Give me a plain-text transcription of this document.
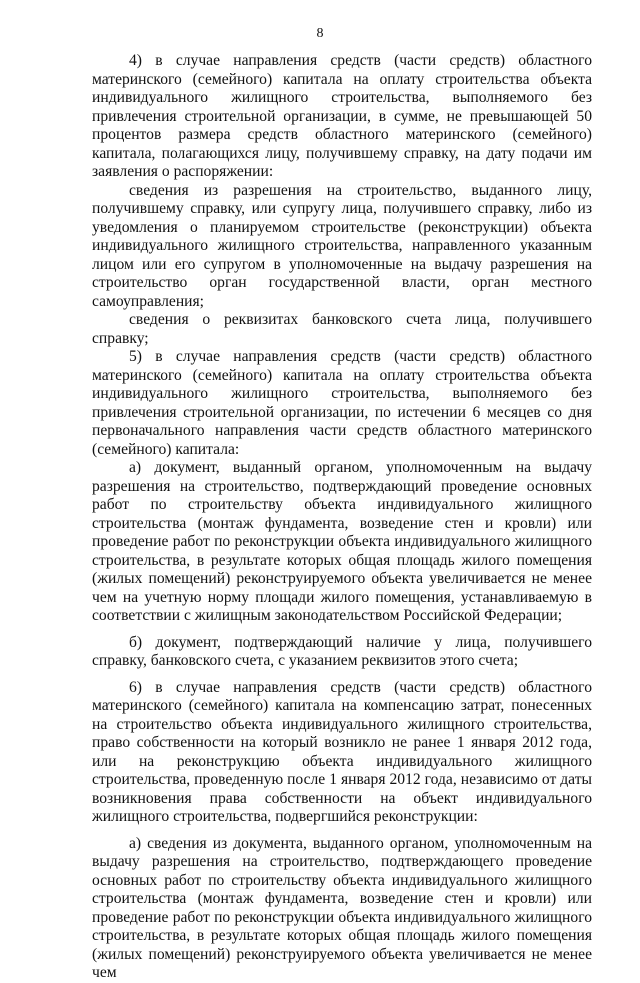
8

4) в случае направления средств (части средств) областного материнского (семейного) капитала на оплату строительства объекта индивидуального жилищного строительства, выполняемого без привлечения строительной организации, в сумме, не превышающей 50 процентов размера средств областного материнского (семейного) капитала, полагающихся лицу, получившему справку, на дату подачи им заявления о распоряжении:

сведения из разрешения на строительство, выданного лицу, получившему справку, или супругу лица, получившего справку, либо из уведомления о планируемом строительстве (реконструкции) объекта индивидуального жилищного строительства, направленного указанным лицом или его супругом в уполномоченные на выдачу разрешения на строительство орган государственной власти, орган местного самоуправления;

сведения о реквизитах банковского счета лица, получившего справку;

5) в случае направления средств (части средств) областного материнского (семейного) капитала на оплату строительства объекта индивидуального жилищного строительства, выполняемого без привлечения строительной организации, по истечении 6 месяцев со дня первоначального направления части средств областного материнского (семейного) капитала:

а) документ, выданный органом, уполномоченным на выдачу разрешения на строительство, подтверждающий проведение основных работ по строительству объекта индивидуального жилищного строительства (монтаж фундамента, возведение стен и кровли) или проведение работ по реконструкции объекта индивидуального жилищного строительства, в результате которых общая площадь жилого помещения (жилых помещений) реконструируемого объекта увеличивается не менее чем на учетную норму площади жилого помещения, устанавливаемую в соответствии с жилищным законодательством Российской Федерации;

б) документ, подтверждающий наличие у лица, получившего справку, банковского счета, с указанием реквизитов этого счета;

6) в случае направления средств (части средств) областного материнского (семейного) капитала на компенсацию затрат, понесенных на строительство объекта индивидуального жилищного строительства, право собственности на который возникло не ранее 1 января 2012 года, или на реконструкцию объекта индивидуального жилищного строительства, проведенную после 1 января 2012 года, независимо от даты возникновения права собственности на объект индивидуального жилищного строительства, подвергшийся реконструкции:

а) сведения из документа, выданного органом, уполномоченным на выдачу разрешения на строительство, подтверждающего проведение основных работ по строительству объекта индивидуального жилищного строительства (монтаж фундамента, возведение стен и кровли) или проведение работ по реконструкции объекта индивидуального жилищного строительства, в результате которых общая площадь жилого помещения (жилых помещений) реконструируемого объекта увеличивается не менее чем
